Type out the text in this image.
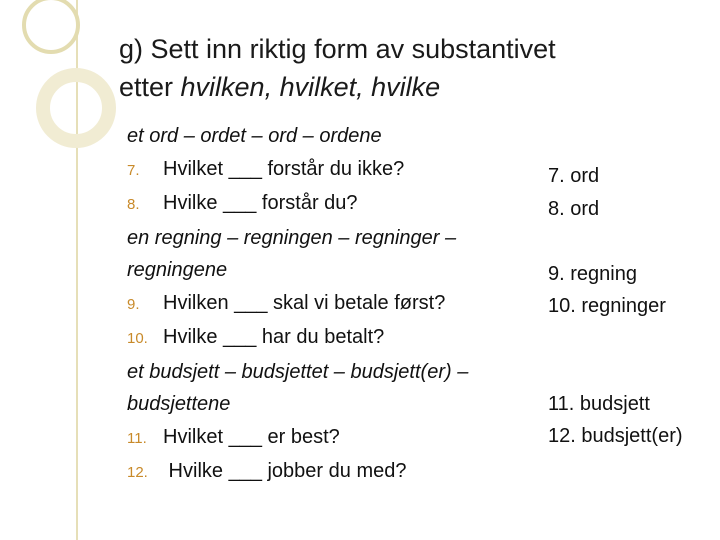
g) Sett inn riktig form av substantivet
etter hvilken, hvilket, hvilke
et ord – ordet – ord – ordene
7. Hvilket ___ forstår du ikke?
8. Hvilke ___ forstår du?
en regning – regningen – regninger –
regningene
9. Hvilken ___ skal vi betale først?
10. Hvilke ___ har du betalt?
et budsjett – budsjettet – budsjett(er) –
budsjettene
11. Hvilket ___ er best?
12. Hvilke ___ jobber du med?
7. ord
8. ord

9. regning
10. regninger

11. budsjett
12. budsjett(er)
